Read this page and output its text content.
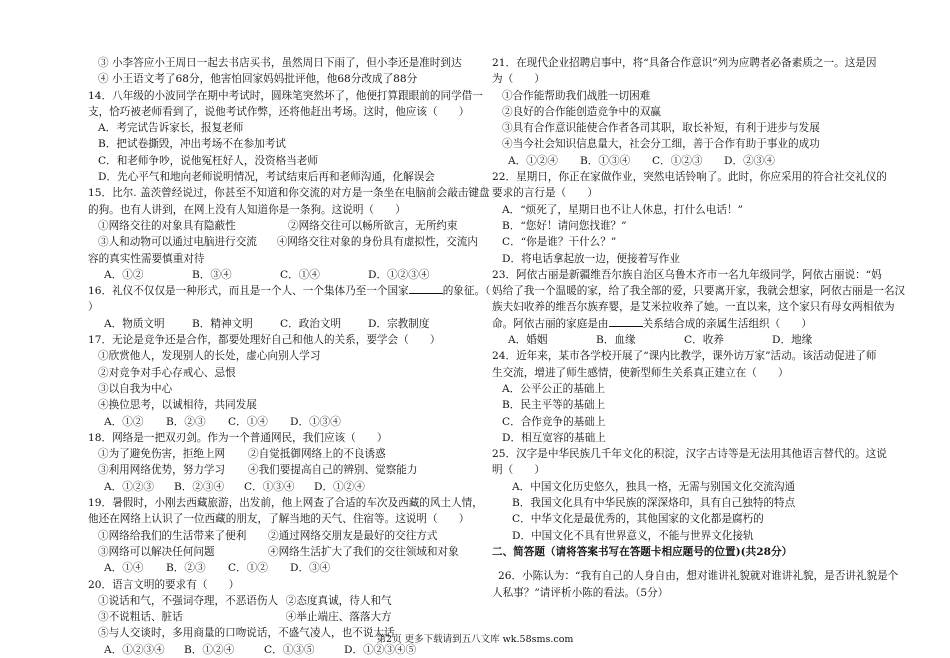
③ 小李答应小王周日一起去书店买书，虽然周日下雨了，但小李还是准时到达
④ 小王语文考了68分，他害怕回家妈妈批评他，他68分改成了88分
14．八年级的小波同学在期中考试时，圆珠笔突然坏了，他便打算跟眼前的同学借一
支，恰巧被老师看到了，说他考试作弊，还将他赶出考场。这时，他应该（　　）
A．考完试告诉家长，报复老师
B．把试卷撕毁，冲出考场不在参加考试
C．和老师争吵，说他冤枉好人，没资格当老师
D．先心平气和地向老师说明情况，考试结束后再和老师沟通，化解误会
15．比尔. 盖茨曾经说过，你甚至不知道和你交流的对方是一条坐在电脑前会敲击键盘
的狗。也有人讲到，在网上没有人知道你是一条狗。这说明（　　）
①网络交往的对象具有隐蔽性	②网络交往可以畅所欲言，无所约束
③人和动物可以通过电脑进行交流	④网络交往对象的身份具有虚拟性，交流内
容的真实性需要慎重对待
A．①②	B．③④	C．①④	D．①②③④
16．礼仪不仅仅是一种形式，而且是一个人、一个集体乃至一个国家	的象征。（
）
A．物质文明	B．精神文明	C．政治文明	D．宗教制度
17．无论是竞争还是合作，都要处理好自己和他人的关系，要学会（　　）
①欣赏他人，发现别人的长处，虚心向别人学习
②对竞争对手心存戒心、忌恨
③以自我为中心
④换位思考，以诚相待，共同发展
A．①②	B．②③	C．①④	D．①③④
18．网络是一把双刃剑。作为一个普通网民，我们应该（　　）
①为了避免伤害，拒绝上网	②自觉抵御网络上的不良诱惑
③利用网络优势，努力学习	④我们要提高自己的辨别、觉察能力
A．①②③	B．②③④	C．①③④	D．①②④
19．暑假时，小刚去西藏旅游，出发前，他上网查了合适的车次及西藏的风土人情，
他还在网络上认识了一位西藏的朋友，了解当地的天气、住宿等。这说明（　　）
①网络给我们的生活带来了便利	②通过网络交朋友是最好的交往方式
③网络可以解决任何问题	④网络生活扩大了我们的交往领域和对象
A．①④	B．②③	C．①②	D．③④
20．语言文明的要求有（　　）
①说话和气，不强词夺理，不恶语伤人 ②态度真诚，待人和气
③不说粗话、脏话	④举止端庄、落落大方
⑤与人交谈时，多用商量的口吻说话，不盛气凌人，也不说大话
A．①②③④	B．①②④	C．①③⑤	D．①②③④⑤
21．在现代企业招聘启事中，将“具备合作意识”列为应聘者必备素质之一。这是因
为（　　）
①合作能帮助我们战胜一切困难
②良好的合作能创造竞争中的双赢
③具有合作意识能使合作者各司其职，取长补短，有利于进步与发展
④当今社会知识信息量大，社会分工细，善于合作有助于事业的成功
A．①②④	B．①③④	C．①②③	D．②③④
22．星期日，你正在家做作业，突然电话铃响了。此时，你应采用的符合社交礼仪的
要求的言行是（　　）
A．“烦死了，星期日也不让人休息，打什么电话！”
B．“您好！请问您找谁？”
C．“你是谁？干什么？”
D．将电话拿起放一边，便接着写作业
23．阿依古丽是新疆维吾尔族自治区乌鲁木齐市一名九年级同学，阿依古丽说：“妈
妈给了我一个温暖的家，给了我全部的爱，只要离开家，我就会想家，阿依古丽是一名汉
族夫妇收养的维吾尔族弃婴，是艾米拉收养了她。一直以来，这个家只有母女两相依为
命。阿依古丽的家庭是由	关系结合成的亲属生活组织（　　）
A．婚姻	B．血缘	C．收养	D．地缘
24．近年来，某市各学校开展了“课内比教学，课外访万家”活动。该活动促进了师
生交流，增进了师生感情，使新型师生关系真正建立在（　　）
A．公平公正的基础上
B．民主平等的基础上
C．合作竞争的基础上
D．相互宽容的基础上
25．汉字是中华民族几千年文化的积淀，汉字古诗等是无法用其他语言替代的。这说
明（　　）
A．中国文化历史悠久，独具一格，无需与别国文化交流沟通
B．我国文化具有中华民族的深深烙印，具有自己独特的特点
C．中华文化是最优秀的，其他国家的文化都是腐朽的
D．中国文化不具有世界意义，不能与世界文化接轨
二、简答题（请将答案书写在答题卡相应题号的位置)(共28分）
26．小陈认为：“我有自己的人身自由，想对谁讲礼貌就对谁讲礼貌，是否讲礼貌是个
人私事？”请评析小陈的看法。（5分）
第2页 更多下载请到五八文库 wk.58sms.com
